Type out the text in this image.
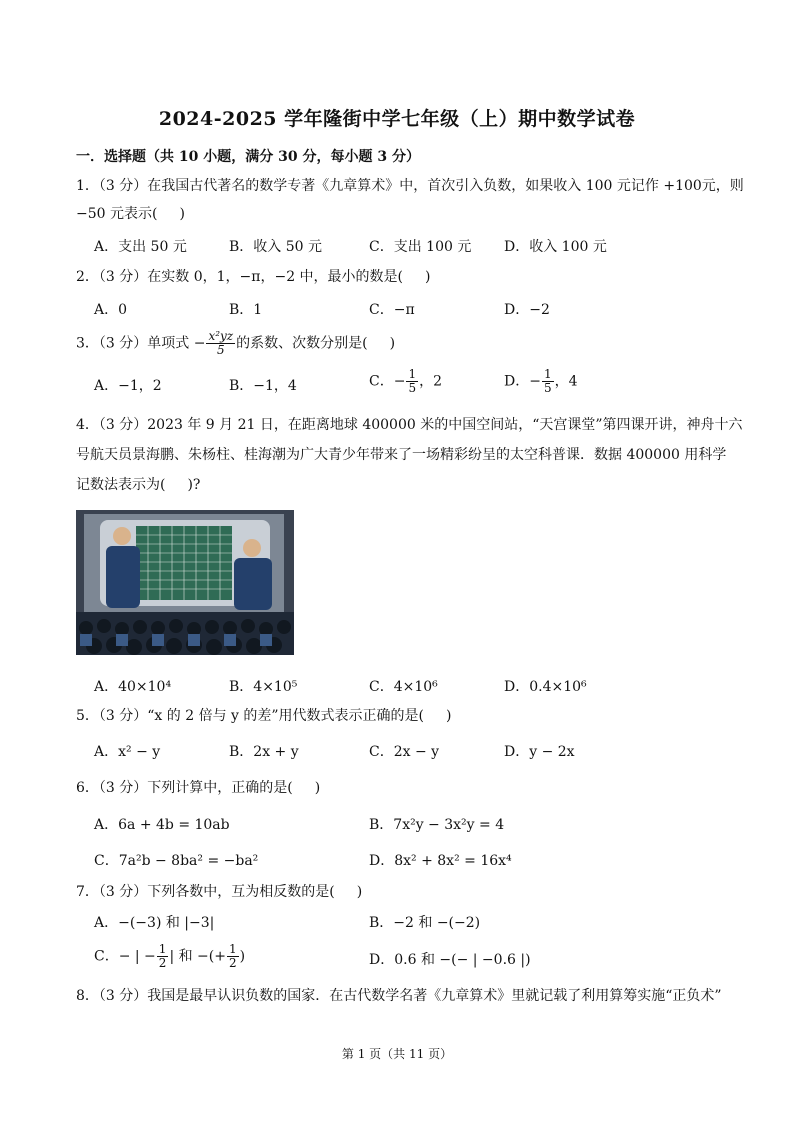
2024-2025 学年隆街中学七年级（上）期中数学试卷
一．选择题（共 10 小题，满分 30 分，每小题 3 分）
1．（3 分）在我国古代著名的数学专著《九章算术》中，首次引入负数，如果收入 100 元记作 +100元，则
−50 元表示( )
A．支出 50 元	B．收入 50 元	C．支出 100 元 D．收入 100 元
2．（3 分）在实数 0，1，−π，−2 中，最小的数是( )
A．0	B．1	C．−π	D．−2
3．（3 分）单项式 − $\frac{\text{x²yz}}{5}$ 的系数、次数分别是( )
A．−1，2	B．−1，4	C．− $\frac{1}{5}$ ，2	D．− $\frac{1}{5}$ ，4
4．（3 分）2023 年 9 月 21 日，在距离地球 400000 米的中国空间站，“天宫课堂”第四课开讲，神舟十六
号航天员景海鹏、朱杨柱、桂海潮为广大青少年带来了一场精彩纷呈的太空科普课．数据 400000 用科学
记数法表示为( )?
A．40×10⁴	B．4×10⁵	C．4×10⁶	D．0.4×10⁶
5．（3 分）“x 的 2 倍与 y 的差”用代数式表示正确的是( )
A．x² − y	B．2x + y	C．2x − y	D．y − 2x
6．（3 分）下列计算中，正确的是( )
A．6a + 4b = 10ab	B．7x²y − 3x²y = 4
C．7a²b − 8ba² = −ba²	D．8x² + 8x² = 16x⁴
7．（3 分）下列各数中，互为相反数的是( )
A．−(−3) 和 |−3|	B．−2 和 −(−2)
C．− | − $\frac{1}{2}$ | 和 −(+ $\frac{1}{2}$ )	D．0.6 和 −(− | −0.6 |)
8．（3 分）我国是最早认识负数的国家．在古代数学名著《九章算术》里就记载了利用算筹实施“正负术”
第 1 页（共 11 页）
